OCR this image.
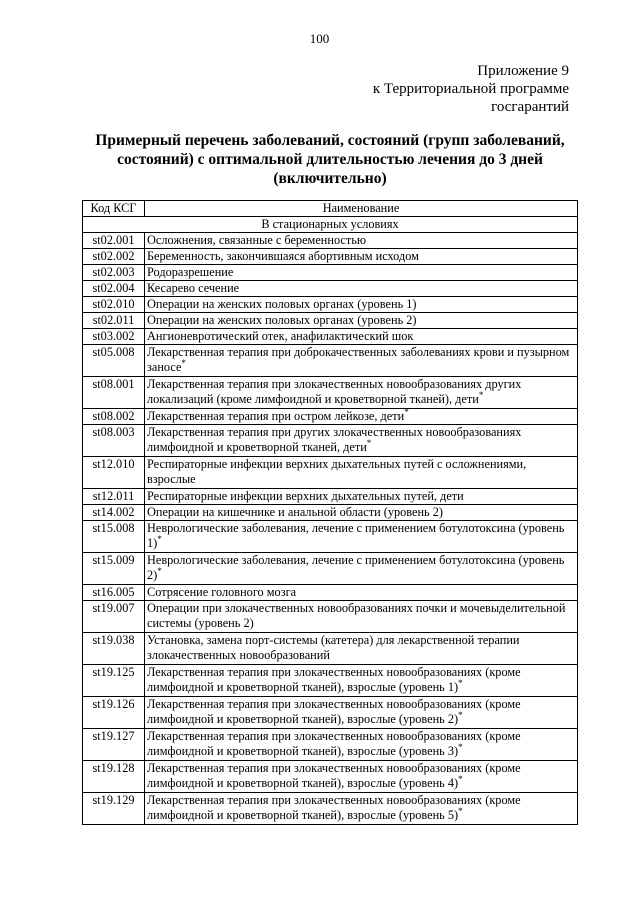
100
Приложение 9
к Территориальной программе
госгарантий
Примерный перечень заболеваний, состояний (групп заболеваний, состояний) с оптимальной длительностью лечения до 3 дней (включительно)
Код КСГ	Наименование
В стационарных условиях	
st02.001	Осложнения, связанные с беременностью
st02.002	Беременность, закончившаяся абортивным исходом
st02.003	Родоразрешение
st02.004	Кесарево сечение
st02.010	Операции на женских половых органах (уровень 1)
st02.011	Операции на женских половых органах (уровень 2)
st03.002	Ангионевротический отек, анафилактический шок
st05.008	Лекарственная терапия при доброкачественных заболеваниях крови и пузырном заносе*
st08.001	Лекарственная терапия при злокачественных новообразованиях других локализаций (кроме лимфоидной и кроветворной тканей), дети*
st08.002	Лекарственная терапия при остром лейкозе, дети*
st08.003	Лекарственная терапия при других злокачественных новообразованиях лимфоидной и кроветворной тканей, дети*
st12.010	Респираторные инфекции верхних дыхательных путей с осложнениями, взрослые
st12.011	Респираторные инфекции верхних дыхательных путей, дети
st14.002	Операции на кишечнике и анальной области (уровень 2)
st15.008	Неврологические заболевания, лечение с применением ботулотоксина (уровень 1)*
st15.009	Неврологические заболевания, лечение с применением ботулотоксина (уровень 2)*
st16.005	Сотрясение головного мозга
st19.007	Операции при злокачественных новообразованиях почки и мочевыделительной системы (уровень 2)
st19.038	Установка, замена порт-системы (катетера) для лекарственной терапии злокачественных новообразований
st19.125	Лекарственная терапия при злокачественных новообразованиях (кроме лимфоидной и кроветворной тканей), взрослые (уровень 1)*
st19.126	Лекарственная терапия при злокачественных новообразованиях (кроме лимфоидной и кроветворной тканей), взрослые (уровень 2)*
st19.127	Лекарственная терапия при злокачественных новообразованиях (кроме лимфоидной и кроветворной тканей), взрослые (уровень 3)*
st19.128	Лекарственная терапия при злокачественных новообразованиях (кроме лимфоидной и кроветворной тканей), взрослые (уровень 4)*
st19.129	Лекарственная терапия при злокачественных новообразованиях (кроме лимфоидной и кроветворной тканей), взрослые (уровень 5)*
